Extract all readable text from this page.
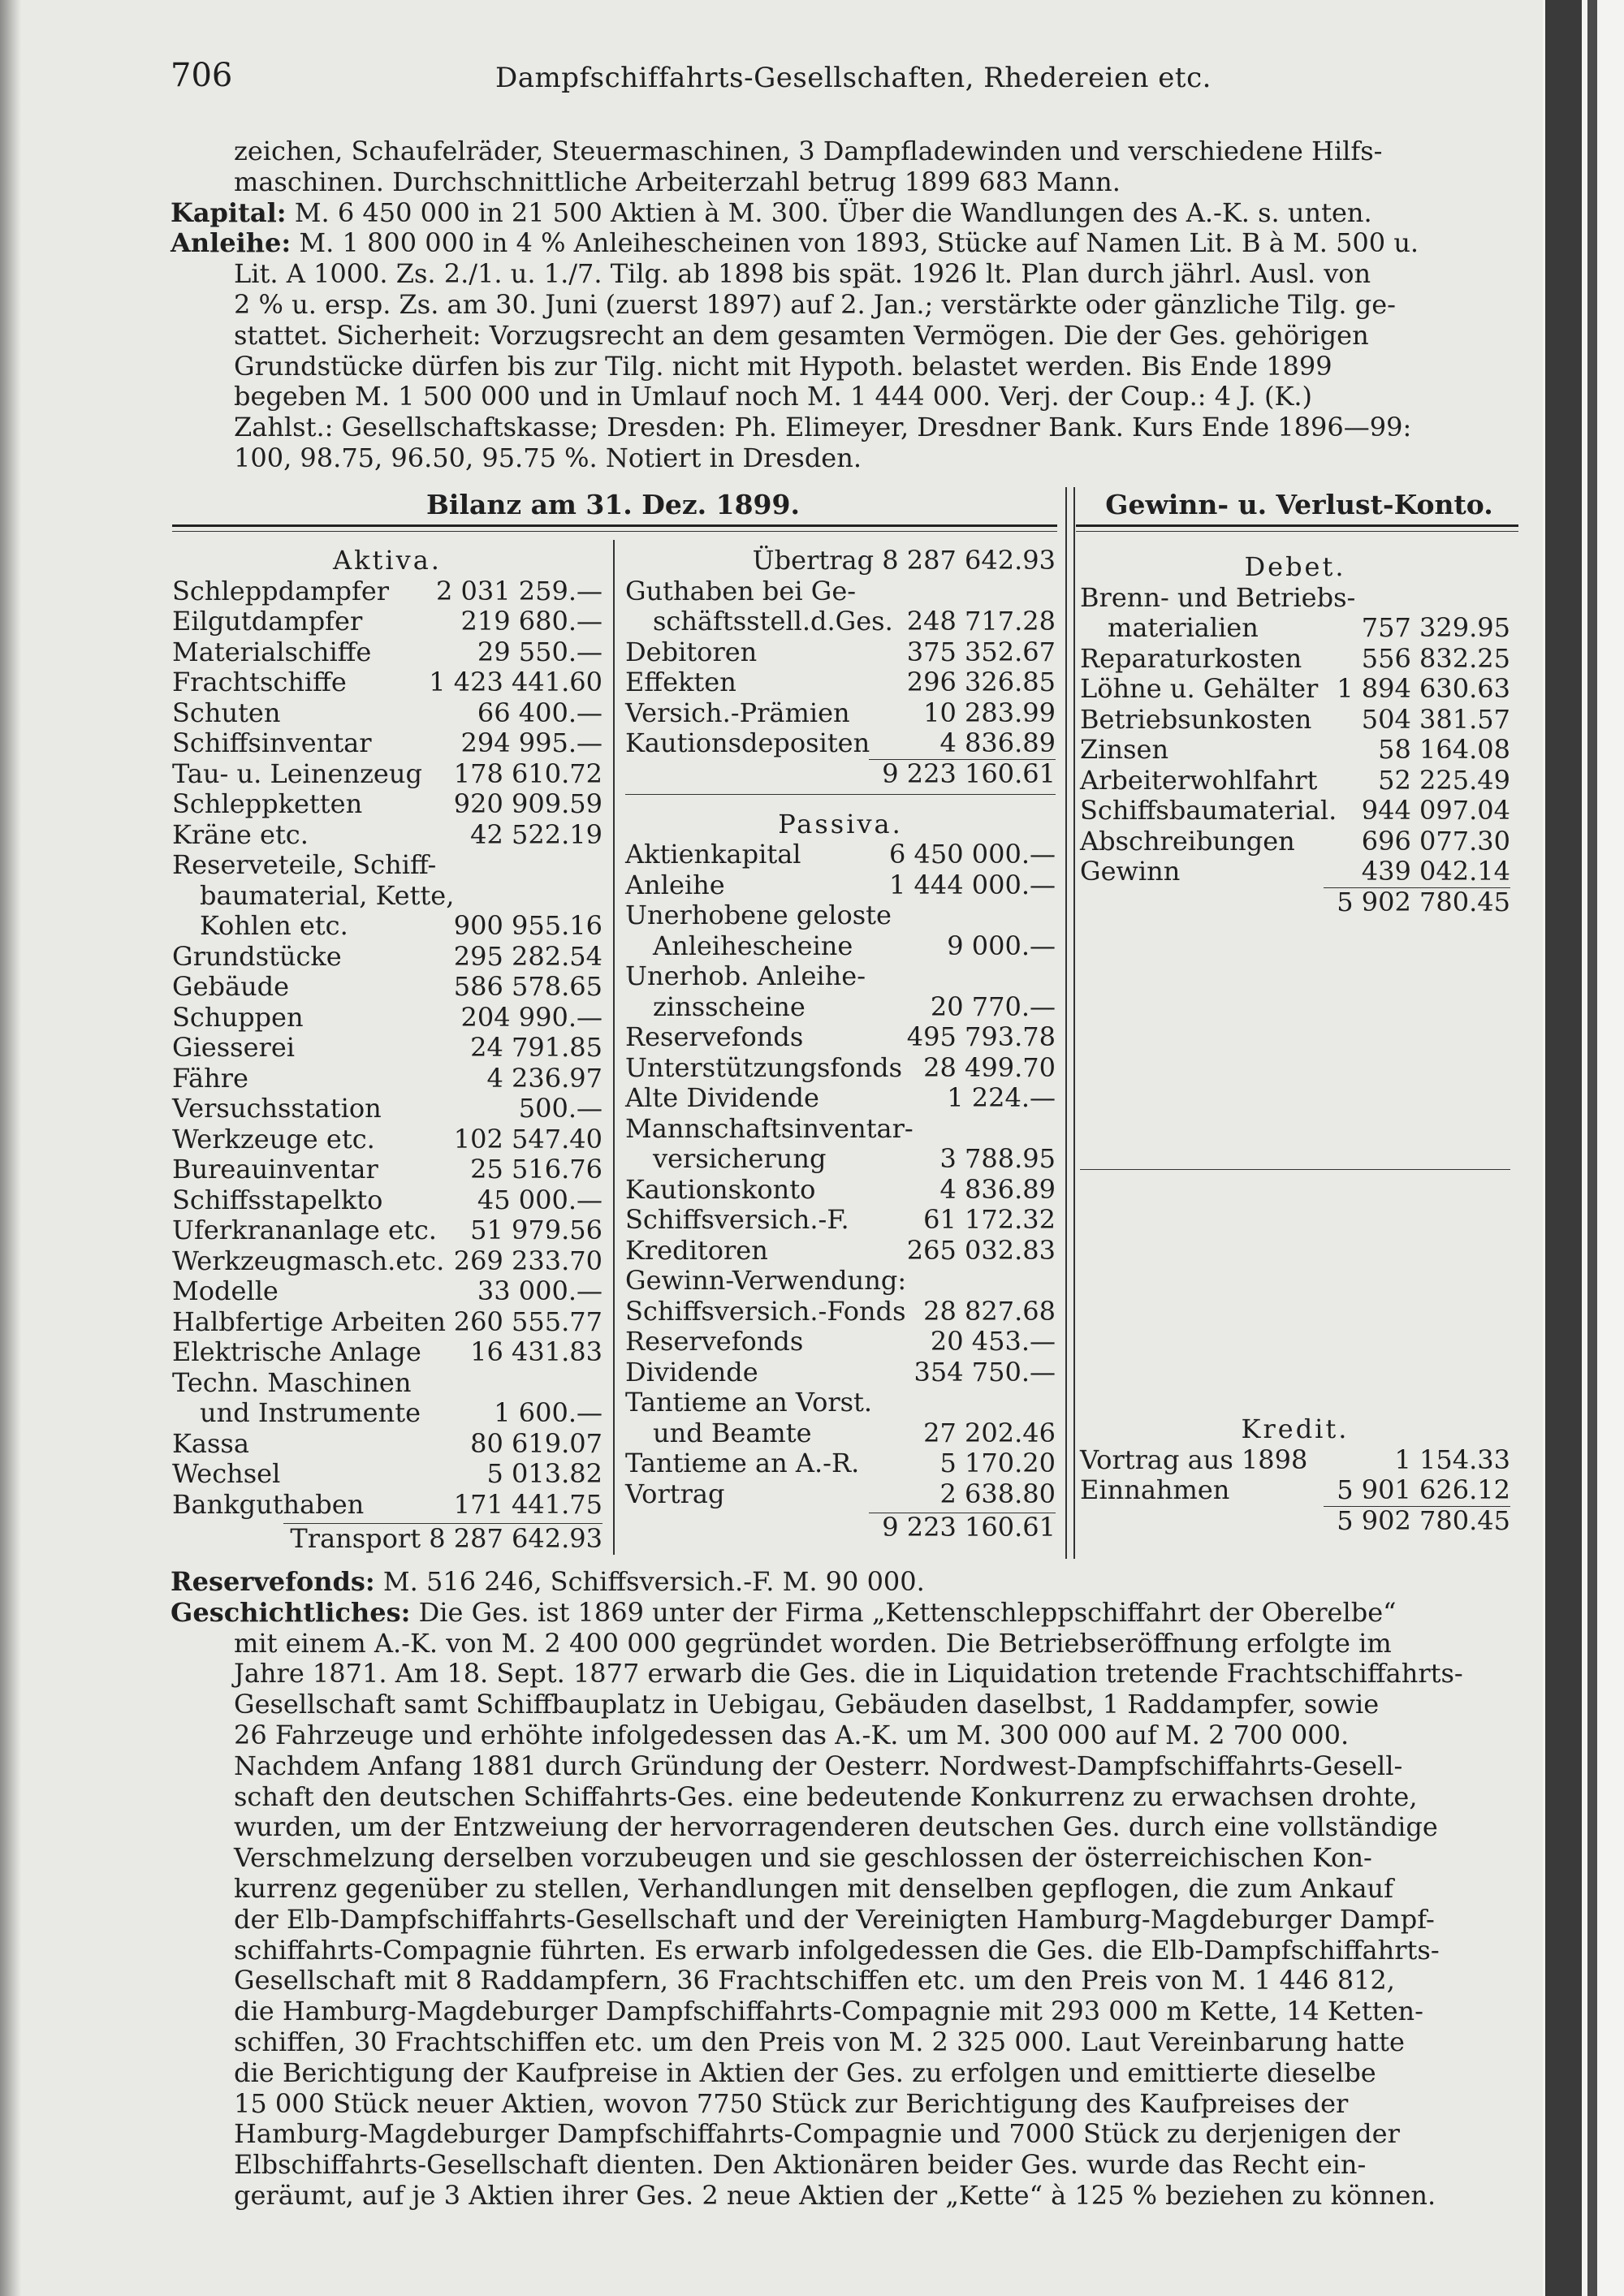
706	Dampfschiffahrts-Gesellschaften, Rhedereien etc.
zeichen, Schaufelräder, Steuermaschinen, 3 Dampfladewinden und verschiedene Hilfs-
maschinen. Durchschnittliche Arbeiterzahl betrug 1899 683 Mann.
Kapital: M. 6 450 000 in 21 500 Aktien à M. 300. Über die Wandlungen des A.-K. s. unten.
Anleihe: M. 1 800 000 in 4 % Anleihescheinen von 1893, Stücke auf Namen Lit. B à M. 500 u.
Lit. A 1000. Zs. 2./1. u. 1./7. Tilg. ab 1898 bis spät. 1926 lt. Plan durch jährl. Ausl. von
2 % u. ersp. Zs. am 30. Juni (zuerst 1897) auf 2. Jan.; verstärkte oder gänzliche Tilg. ge-
stattet. Sicherheit: Vorzugsrecht an dem gesamten Vermögen. Die der Ges. gehörigen
Grundstücke dürfen bis zur Tilg. nicht mit Hypoth. belastet werden. Bis Ende 1899
begeben M. 1 500 000 und in Umlauf noch M. 1 444 000. Verj. der Coup.: 4 J. (K.)
Zahlst.: Gesellschaftskasse; Dresden: Ph. Elimeyer, Dresdner Bank. Kurs Ende 1896—99:
100, 98.75, 96.50, 95.75 %. Notiert in Dresden.
Bilanz am 31. Dez. 1899.	Gewinn- u. Verlust-Konto.
Aktiva.
Schleppdampfer 2 031 259.—
Eilgutdampfer	219 680.—
Materialschiffe	29 550.—
Frachtschiffe	1 423 441.60
Schuten	66 400.—
Schiffsinventar	294 995.—
Tau- u. Leinenzeug 178 610.72
Schleppketten	920 909.59
Kräne etc.	42 522.19
Reserveteile, Schiff-
baumaterial, Kette,
Kohlen etc.	900 955.16
Grundstücke	295 282.54
Gebäude	586 578.65
Schuppen	204 990.—
Giesserei	24 791.85
Fähre	4 236.97
Versuchsstation	500.—
Werkzeuge etc.	102 547.40
Bureauinventar	25 516.76
Schiffsstapelkto	45 000.—
Uferkrananlage etc. 51 979.56
Werkzeugmasch.etc. 269 233.70
Modelle	33 000.—
Halbfertige Arbeiten 260 555.77
Elektrische Anlage 16 431.83
Techn. Maschinen
und Instrumente	1 600.—
Kassa	80 619.07
Wechsel	5 013.82
Bankguthaben	171 441.75
Transport 8 287 642.93
Übertrag 8 287 642.93
Guthaben bei Ge-
schäftsstell.d.Ges. 248 717.28
Debitoren	375 352.67
Effekten	296 326.85
Versich.-Prämien	10 283.99
Kautionsdepositen	4 836.89
9 223 160.61
Passiva.
Aktienkapital	6 450 000.—
Anleihe	1 444 000.—
Unerhobene geloste
Anleihescheine	9 000.—
Unerhob. Anleihe-
zinsscheine	20 770.—
Reservefonds	495 793.78
Unterstützungsfonds 28 499.70
Alte Dividende	1 224.—
Mannschaftsinventar-
versicherung	3 788.95
Kautionskonto	4 836.89
Schiffsversich.-F.	61 172.32
Kreditoren	265 032.83
Gewinn-Verwendung:
Schiffsversich.-Fonds 28 827.68
Reservefonds	20 453.—
Dividende	354 750.—
Tantieme an Vorst.
und Beamte	27 202.46
Tantieme an A.-R.	5 170.20
Vortrag	2 638.80
9 223 160.61
Debet.
Brenn- und Betriebs-
materialien	757 329.95
Reparaturkosten 556 832.25
Löhne u. Gehälter 1 894 630.63
Betriebsunkosten 504 381.57
Zinsen	58 164.08
Arbeiterwohlfahrt 52 225.49
Schiffsbaumaterial. 944 097.04
Abschreibungen	696 077.30
Gewinn	439 042.14
5 902 780.45
Kredit.
Vortrag aus 1898	1 154.33
Einnahmen	5 901 626.12
5 902 780.45
Reservefonds: M. 516 246, Schiffsversich.-F. M. 90 000.
Geschichtliches: Die Ges. ist 1869 unter der Firma „Kettenschleppschiffahrt der Oberelbe“
mit einem A.-K. von M. 2 400 000 gegründet worden. Die Betriebseröffnung erfolgte im
Jahre 1871. Am 18. Sept. 1877 erwarb die Ges. die in Liquidation tretende Frachtschiffahrts-
Gesellschaft samt Schiffbauplatz in Uebigau, Gebäuden daselbst, 1 Raddampfer, sowie
26 Fahrzeuge und erhöhte infolgedessen das A.-K. um M. 300 000 auf M. 2 700 000.
Nachdem Anfang 1881 durch Gründung der Oesterr. Nordwest-Dampfschiffahrts-Gesell-
schaft den deutschen Schiffahrts-Ges. eine bedeutende Konkurrenz zu erwachsen drohte,
wurden, um der Entzweiung der hervorragenderen deutschen Ges. durch eine vollständige
Verschmelzung derselben vorzubeugen und sie geschlossen der österreichischen Kon-
kurrenz gegenüber zu stellen, Verhandlungen mit denselben gepflogen, die zum Ankauf
der Elb-Dampfschiffahrts-Gesellschaft und der Vereinigten Hamburg-Magdeburger Dampf-
schiffahrts-Compagnie führten. Es erwarb infolgedessen die Ges. die Elb-Dampfschiffahrts-
Gesellschaft mit 8 Raddampfern, 36 Frachtschiffen etc. um den Preis von M. 1 446 812,
die Hamburg-Magdeburger Dampfschiffahrts-Compagnie mit 293 000 m Kette, 14 Ketten-
schiffen, 30 Frachtschiffen etc. um den Preis von M. 2 325 000. Laut Vereinbarung hatte
die Berichtigung der Kaufpreise in Aktien der Ges. zu erfolgen und emittierte dieselbe
15 000 Stück neuer Aktien, wovon 7750 Stück zur Berichtigung des Kaufpreises der
Hamburg-Magdeburger Dampfschiffahrts-Compagnie und 7000 Stück zu derjenigen der
Elbschiffahrts-Gesellschaft dienten. Den Aktionären beider Ges. wurde das Recht ein-
geräumt, auf je 3 Aktien ihrer Ges. 2 neue Aktien der „Kette“ à 125 % beziehen zu können.
